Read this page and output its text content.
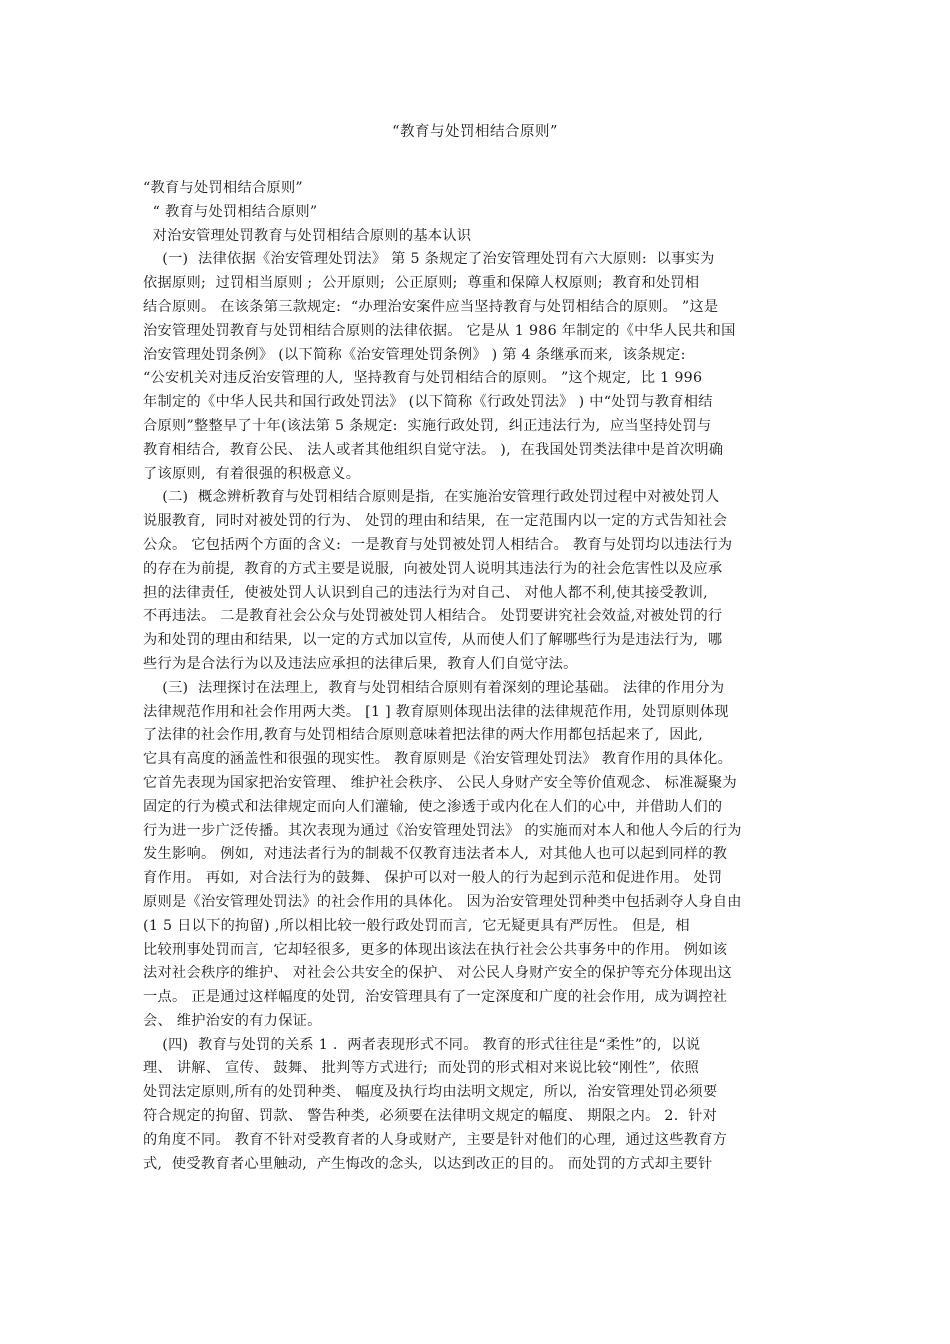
“教育与处罚相结合原则”
“教育与处罚相结合原则”
“ 教育与处罚相结合原则”
对治安管理处罚教育与处罚相结合原则的基本认识
(一)  法律依据《治安管理处罚法》 第 5 条规定了治安管理处罚有六大原则:  以事实为
依据原则;  过罚相当原则 ;  公开原则;  公正原则;  尊重和保障人权原则;  教育和处罚相
结合原则。 在该条第三款规定:  “办理治安案件应当坚持教育与处罚相结合的原则。 ”这是
治安管理处罚教育与处罚相结合原则的法律依据。 它是从 1 986 年制定的《中华人民共和国
治安管理处罚条例》 (以下简称《治安管理处罚条例》 ) 第 4 条继承而来,  该条规定:
“公安机关对违反治安管理的人,  坚持教育与处罚相结合的原则。 ”这个规定,  比 1 996
年制定的《中华人民共和国行政处罚法》 (以下简称《行政处罚法》 ) 中“处罚与教育相结
合原则”整整早了十年(该法第 5 条规定:  实施行政处罚,  纠正违法行为,  应当坚持处罚与
教育相结合,  教育公民、 法人或者其他组织自觉守法。 ),  在我国处罚类法律中是首次明确
了该原则,  有着很强的积极意义。
(二)  概念辨析教育与处罚相结合原则是指,  在实施治安管理行政处罚过程中对被处罚人
说服教育,  同时对被处罚的行为、 处罚的理由和结果,  在一定范围内以一定的方式告知社会
公众。 它包括两个方面的含义:  一是教育与处罚被处罚人相结合。 教育与处罚均以违法行为
的存在为前提,  教育的方式主要是说服,  向被处罚人说明其违法行为的社会危害性以及应承
担的法律责任,  使被处罚人认识到自己的违法行为对自己、 对他人都不利,使其接受教训,
不再违法。 二是教育社会公众与处罚被处罚人相结合。 处罚要讲究社会效益,对被处罚的行
为和处罚的理由和结果,  以一定的方式加以宣传,  从而使人们了解哪些行为是违法行为,  哪
些行为是合法行为以及违法应承担的法律后果,  教育人们自觉守法。
(三)  法理探讨在法理上,  教育与处罚相结合原则有着深刻的理论基础。 法律的作用分为
法律规范作用和社会作用两大类。 [1 ] 教育原则体现出法律的法律规范作用,  处罚原则体现
了法律的社会作用,教育与处罚相结合原则意味着把法律的两大作用都包括起来了,  因此,
它具有高度的涵盖性和很强的现实性。 教育原则是《治安管理处罚法》 教育作用的具体化。
它首先表现为国家把治安管理、 维护社会秩序、 公民人身财产安全等价值观念、 标准凝聚为
固定的行为模式和法律规定而向人们灌输,  使之渗透于或内化在人们的心中,  并借助人们的
行为进一步广泛传播。其次表现为通过《治安管理处罚法》 的实施而对本人和他人今后的行为
发生影响。 例如,  对违法者行为的制裁不仅教育违法者本人,  对其他人也可以起到同样的教
育作用。 再如,  对合法行为的鼓舞、 保护可以对一般人的行为起到示范和促进作用。 处罚
原则是《治安管理处罚法》的社会作用的具体化。 因为治安管理处罚种类中包括剥夺人身自由
(1 5 日以下的拘留) ,所以相比较一般行政处罚而言,  它无疑更具有严厉性。 但是,  相
比较刑事处罚而言,  它却轻很多,  更多的体现出该法在执行社会公共事务中的作用。 例如该
法对社会秩序的维护、 对社会公共安全的保护、 对公民人身财产安全的保护等充分体现出这
一点。 正是通过这样幅度的处罚,  治安管理具有了一定深度和广度的社会作用,  成为调控社
会、 维护治安的有力保证。
(四)  教育与处罚的关系 1 .  两者表现形式不同。 教育的形式往往是“柔性”的,  以说
理、 讲解、 宣传、 鼓舞、 批判等方式进行;  而处罚的形式相对来说比较“刚性”,  依照
处罚法定原则,所有的处罚种类、 幅度及执行均由法明文规定,  所以,  治安管理处罚必须要
符合规定的拘留、罚款、 警告种类,  必须要在法律明文规定的幅度、 期限之内。 2.  针对
的角度不同。 教育不针对受教育者的人身或财产,  主要是针对他们的心理,  通过这些教育方
式,  使受教育者心里触动,  产生悔改的念头,  以达到改正的目的。 而处罚的方式却主要针
